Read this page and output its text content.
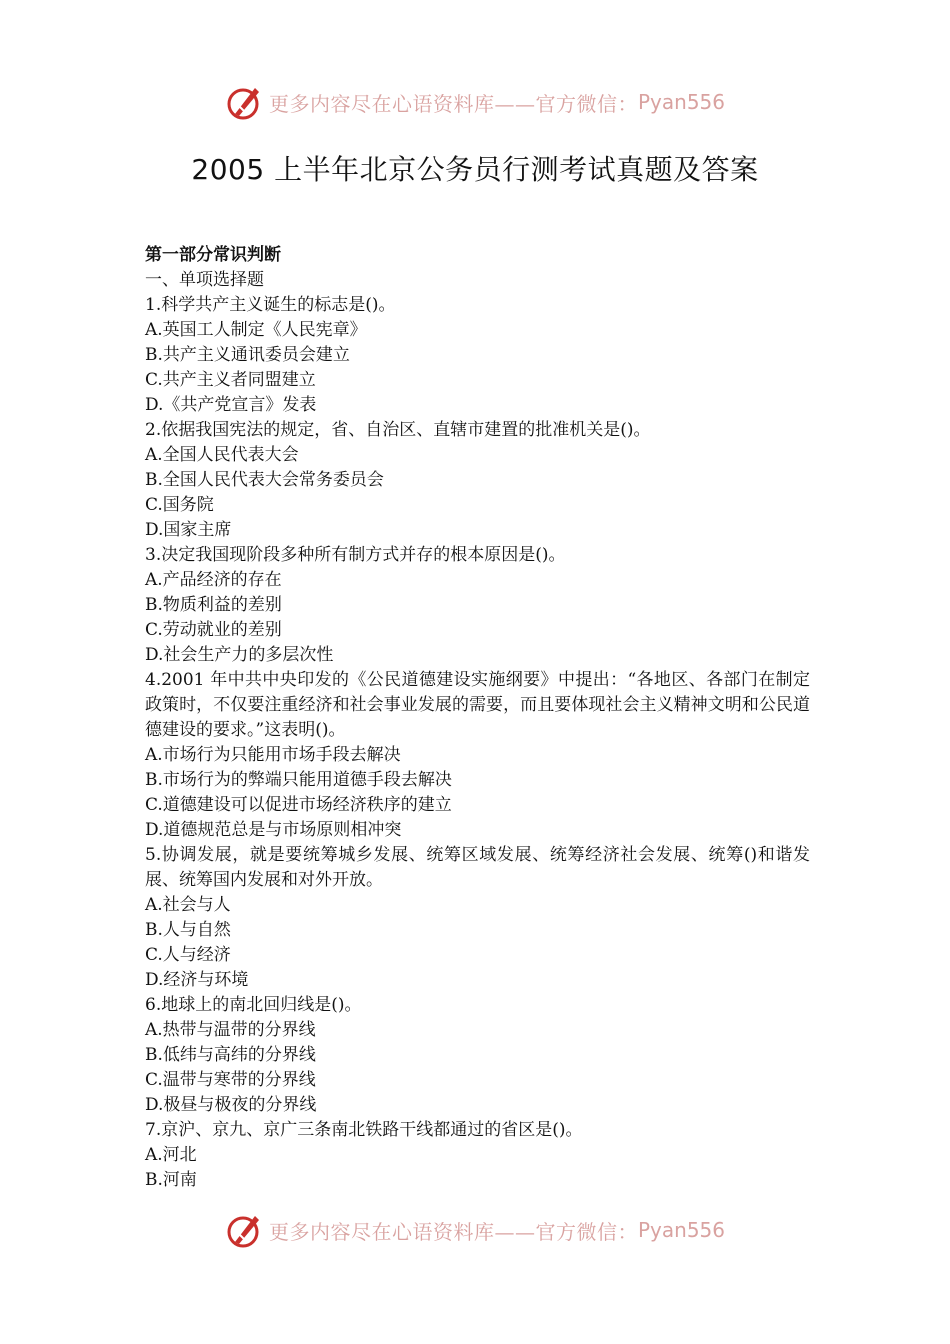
更多内容尽在心语资料库——官方微信： Pyan556
2005 上半年北京公务员行测考试真题及答案
第一部分常识判断
一、单项选择题
1.科学共产主义诞生的标志是()。
A.英国工人制定《人民宪章》
B.共产主义通讯委员会建立
C.共产主义者同盟建立
D.《共产党宣言》发表
2.依据我国宪法的规定，省、自治区、直辖市建置的批准机关是()。
A.全国人民代表大会
B.全国人民代表大会常务委员会
C.国务院
D.国家主席
3.决定我国现阶段多种所有制方式并存的根本原因是()。
A.产品经济的存在
B.物质利益的差别
C.劳动就业的差别
D.社会生产力的多层次性
4.2001 年中共中央印发的《公民道德建设实施纲要》中提出：“各地区、各部门在制定政策时，不仅要注重经济和社会事业发展的需要，而且要体现社会主义精神文明和公民道德建设的要求。”这表明()。
A.市场行为只能用市场手段去解决
B.市场行为的弊端只能用道德手段去解决
C.道德建设可以促进市场经济秩序的建立
D.道德规范总是与市场原则相冲突
5.协调发展，就是要统筹城乡发展、统筹区域发展、统筹经济社会发展、统筹()和谐发展、统筹国内发展和对外开放。
A.社会与人
B.人与自然
C.人与经济
D.经济与环境
6.地球上的南北回归线是()。
A.热带与温带的分界线
B.低纬与高纬的分界线
C.温带与寒带的分界线
D.极昼与极夜的分界线
7.京沪、京九、京广三条南北铁路干线都通过的省区是()。
A.河北
B.河南
更多内容尽在心语资料库——官方微信： Pyan556
